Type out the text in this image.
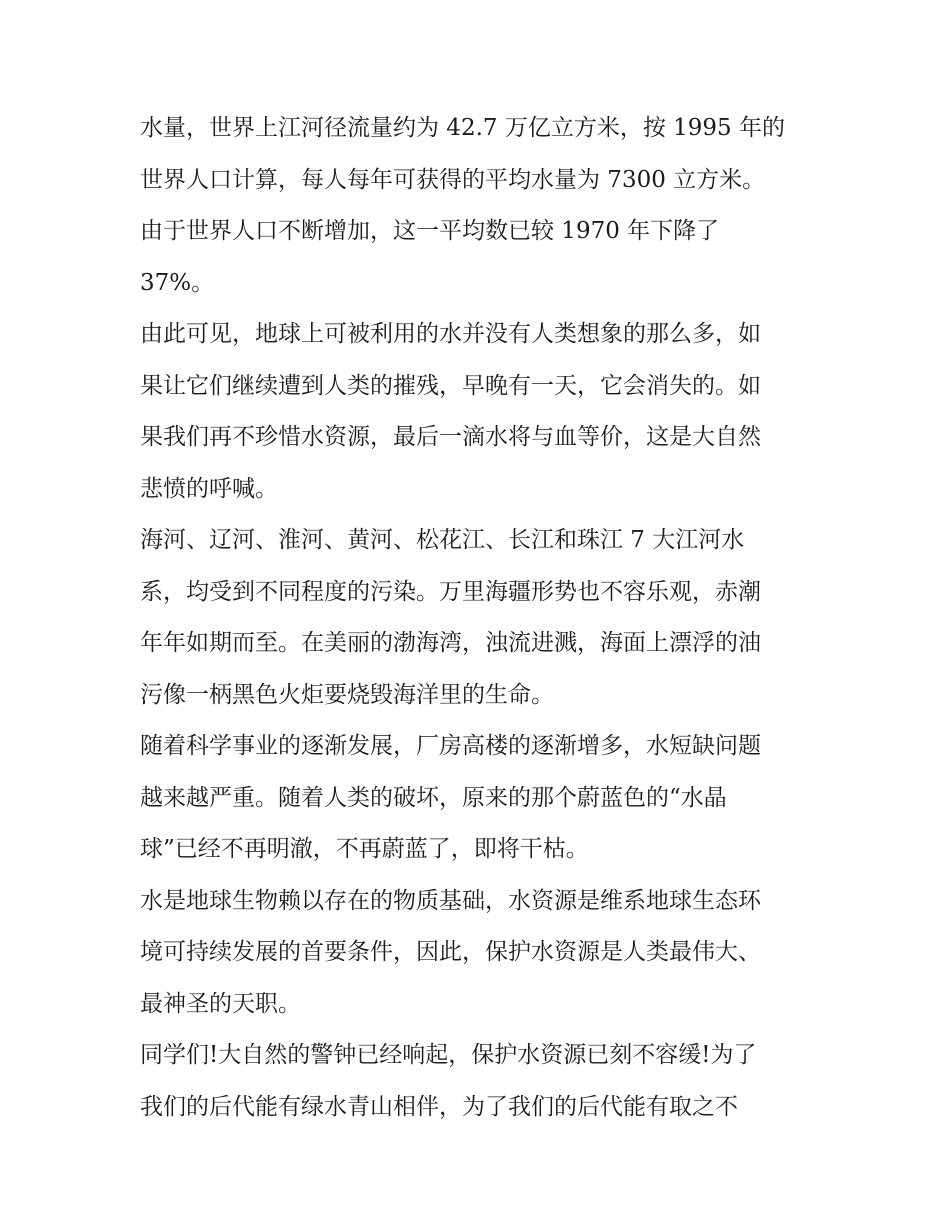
水量，世界上江河径流量约为 42.7 万亿立方米，按 1995 年的
世界人口计算，每人每年可获得的平均水量为 7300 立方米。
由于世界人口不断增加，这一平均数已较 1970 年下降了
37%。
由此可见，地球上可被利用的水并没有人类想象的那么多，如
果让它们继续遭到人类的摧残，早晚有一天，它会消失的。如
果我们再不珍惜水资源，最后一滴水将与血等价，这是大自然
悲愤的呼喊。
海河、辽河、淮河、黄河、松花江、长江和珠江 7 大江河水
系，均受到不同程度的污染。万里海疆形势也不容乐观，赤潮
年年如期而至。在美丽的渤海湾，浊流进溅，海面上漂浮的油
污像一柄黑色火炬要烧毁海洋里的生命。
随着科学事业的逐渐发展，厂房高楼的逐渐增多，水短缺问题
越来越严重。随着人类的破坏，原来的那个蔚蓝色的“水晶
球”已经不再明澈，不再蔚蓝了，即将干枯。
水是地球生物赖以存在的物质基础，水资源是维系地球生态环
境可持续发展的首要条件，因此，保护水资源是人类最伟大、
最神圣的天职。
同学们!大自然的警钟已经响起，保护水资源已刻不容缓!为了
我们的后代能有绿水青山相伴，为了我们的后代能有取之不
